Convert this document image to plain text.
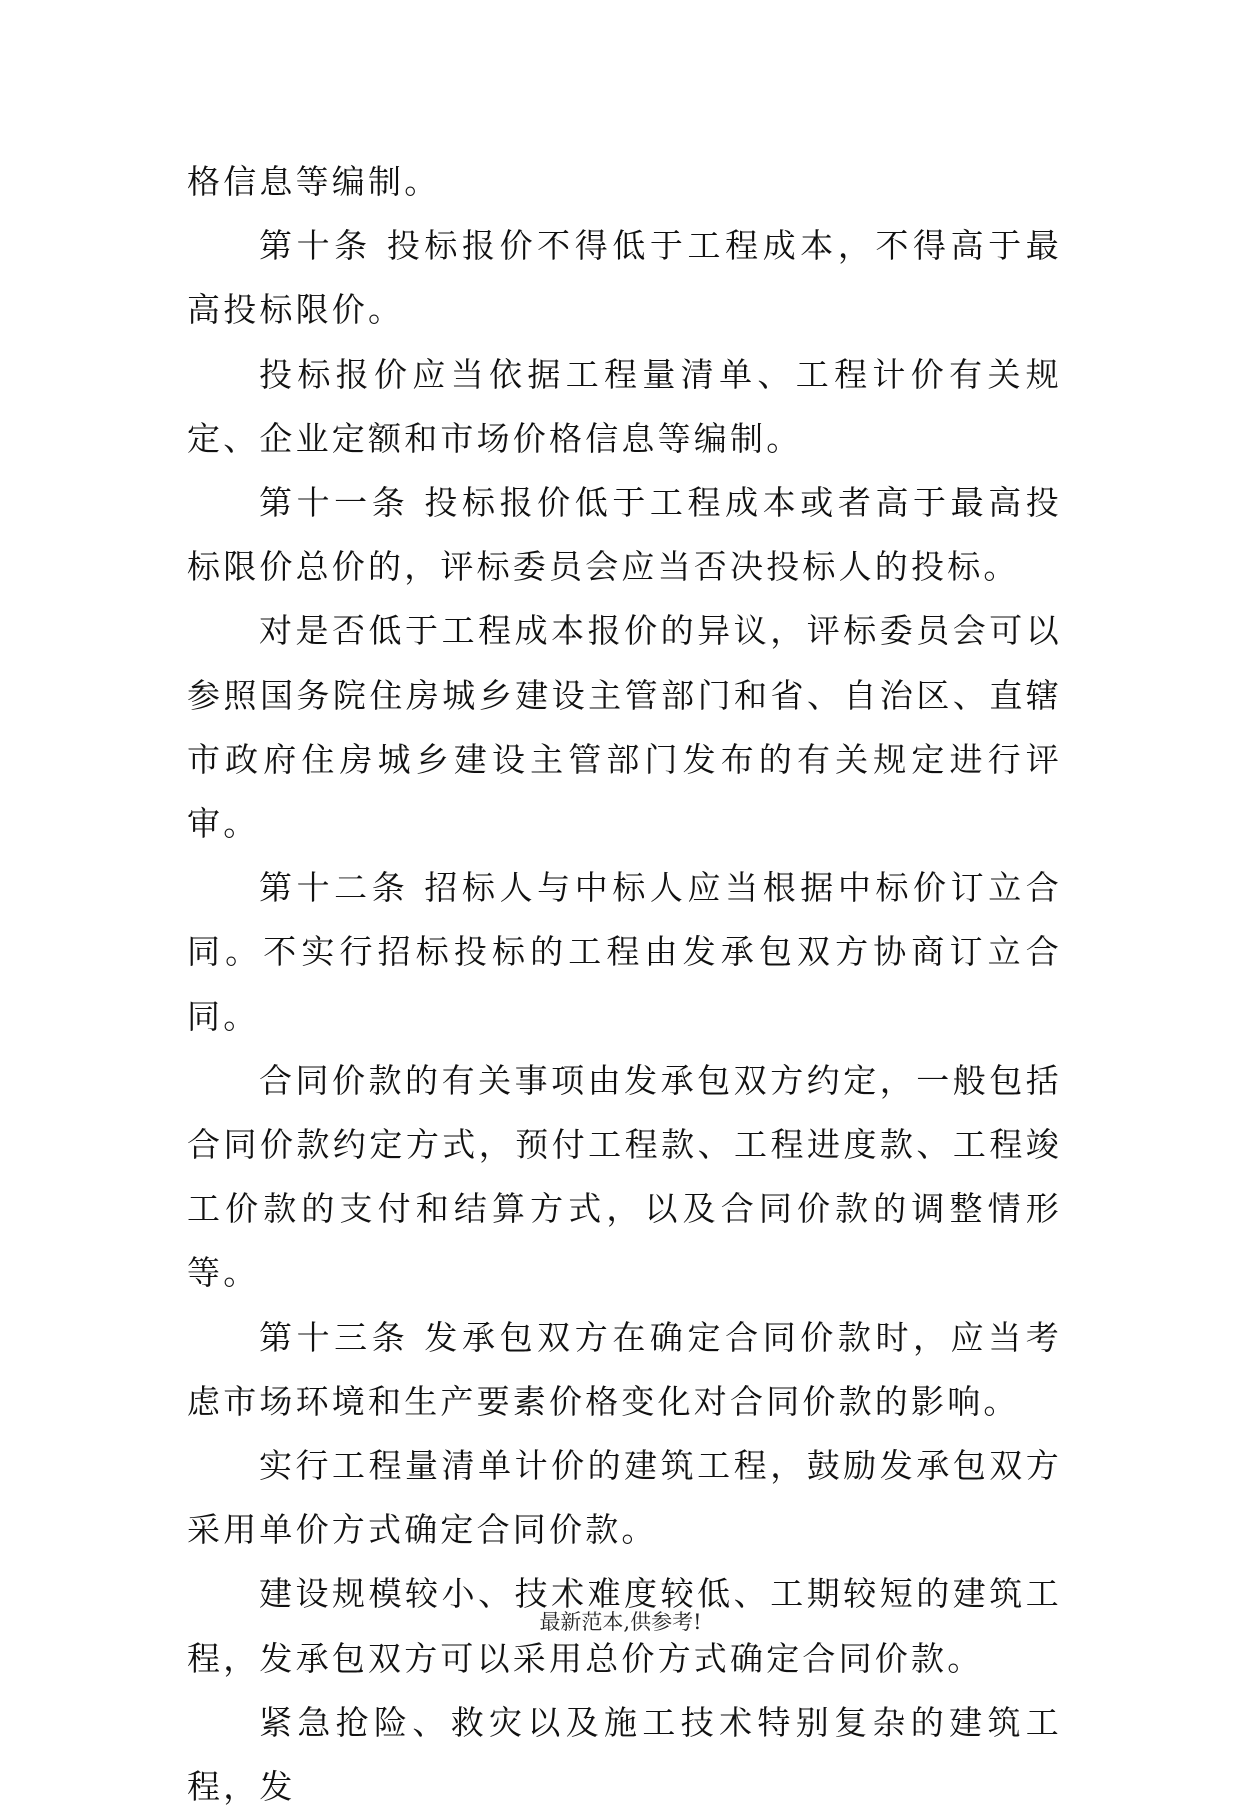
格信息等编制。

第十条 投标报价不得低于工程成本，不得高于最高投标限价。

投标报价应当依据工程量清单、工程计价有关规定、企业定额和市场价格信息等编制。

第十一条 投标报价低于工程成本或者高于最高投标限价总价的，评标委员会应当否决投标人的投标。

对是否低于工程成本报价的异议，评标委员会可以参照国务院住房城乡建设主管部门和省、自治区、直辖市政府住房城乡建设主管部门发布的有关规定进行评审。

第十二条 招标人与中标人应当根据中标价订立合同。不实行招标投标的工程由发承包双方协商订立合同。

合同价款的有关事项由发承包双方约定，一般包括合同价款约定方式，预付工程款、工程进度款、工程竣工价款的支付和结算方式，以及合同价款的调整情形等。

第十三条 发承包双方在确定合同价款时，应当考虑市场环境和生产要素价格变化对合同价款的影响。

实行工程量清单计价的建筑工程，鼓励发承包双方采用单价方式确定合同价款。

建设规模较小、技术难度较低、工期较短的建筑工程，发承包双方可以采用总价方式确定合同价款。

紧急抢险、救灾以及施工技术特别复杂的建筑工程，发

最新范本,供参考!
